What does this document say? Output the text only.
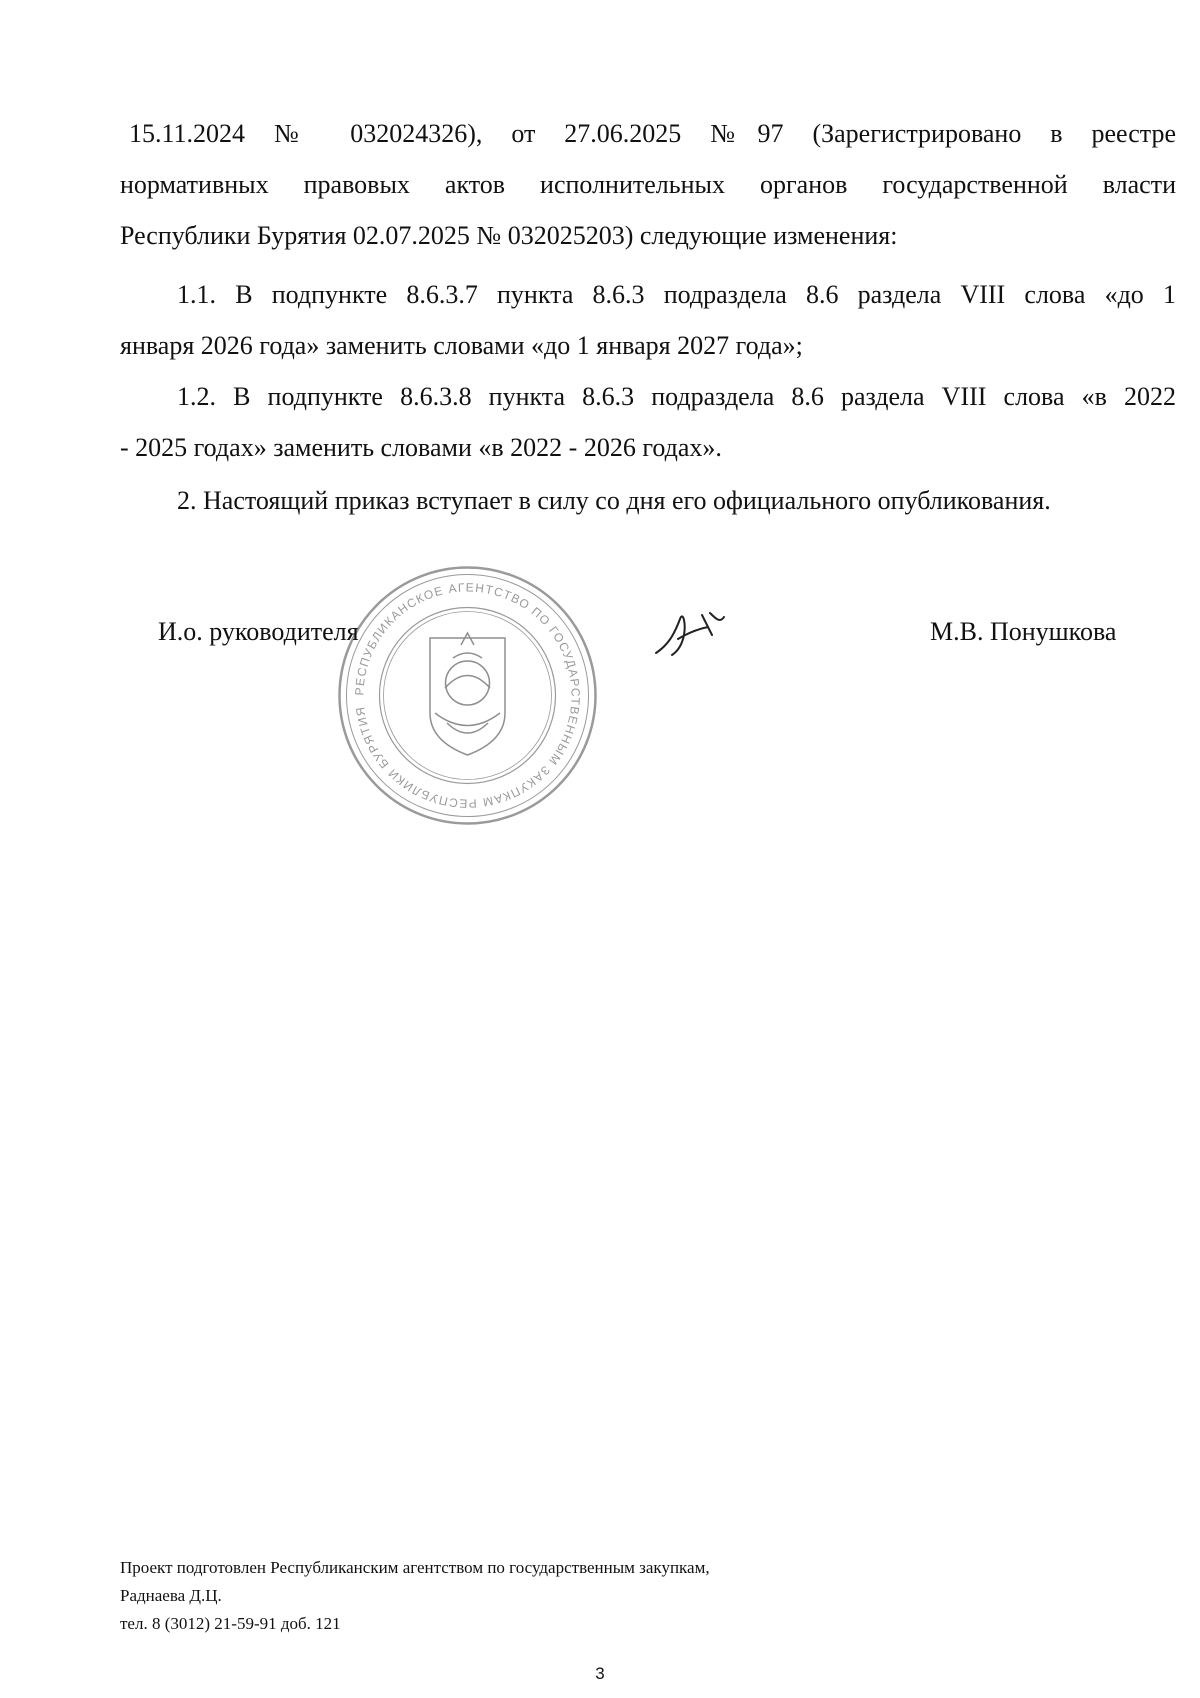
15.11.2024 № 032024326), от 27.06.2025 №97 (Зарегистрировано в реестре
нормативных правовых актов исполнительных органов государственной власти
Республики Бурятия 02.07.2025 № 032025203) следующие изменения:
1.1. В подпункте 8.6.3.7 пункта 8.6.3 подраздела 8.6 раздела VIII слова «до 1
января 2026 года» заменить словами «до 1 января 2027 года»;
1.2. В подпункте 8.6.3.8 пункта 8.6.3 подраздела 8.6 раздела VIII слова «в 2022
- 2025 годах» заменить словами «в 2022 - 2026 годах».
2. Настоящий приказ вступает в силу со дня его официального опубликования.
РЕСПУБЛИКАНСКОЕ АГЕНТСТВО ПО ГОСУДАРСТВЕННЫМ ЗАКУПКАМ РЕСПУБЛИКИ БУРЯТИЯ
И.о. руководителя	М.В. Понушкова
Проект подготовлен Республиканским агентством по государственным закупкам,
Раднаева Д.Ц.
тел. 8 (3012) 21-59-91 доб. 121
3
